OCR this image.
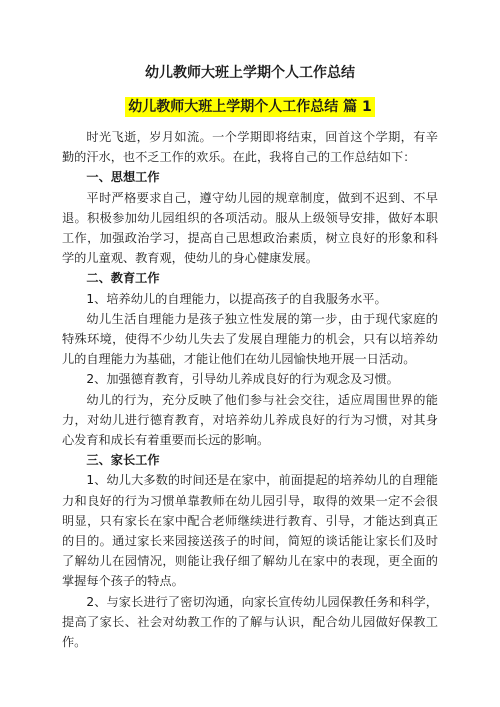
幼儿教师大班上学期个人工作总结
幼儿教师大班上学期个人工作总结 篇 1

时光飞逝，岁月如流。一个学期即将结束，回首这个学期，有辛勤的汗水，也不乏工作的欢乐。在此，我将自己的工作总结如下：

一、思想工作

平时严格要求自己，遵守幼儿园的规章制度，做到不迟到、不早退。积极参加幼儿园组织的各项活动。服从上级领导安排，做好本职工作，加强政治学习，提高自己思想政治素质，树立良好的形象和科学的儿童观、教育观，使幼儿的身心健康发展。

二、教育工作

1、培养幼儿的自理能力，以提高孩子的自我服务水平。

幼儿生活自理能力是孩子独立性发展的第一步，由于现代家庭的特殊环境，使得不少幼儿失去了发展自理能力的机会，只有以培养幼儿的自理能力为基础，才能让他们在幼儿园愉快地开展一日活动。

2、加强德育教育，引导幼儿养成良好的行为观念及习惯。

幼儿的行为，充分反映了他们参与社会交往，适应周围世界的能力，对幼儿进行德育教育，对培养幼儿养成良好的行为习惯，对其身心发育和成长有着重要而长远的影响。

三、家长工作

1、幼儿大多数的时间还是在家中，前面提起的培养幼儿的自理能力和良好的行为习惯单靠教师在幼儿园引导，取得的效果一定不会很明显，只有家长在家中配合老师继续进行教育、引导，才能达到真正的目的。通过家长来园接送孩子的时间，简短的谈话能让家长们及时了解幼儿在园情况，则能让我仔细了解幼儿在家中的表现，更全面的掌握每个孩子的特点。

2、与家长进行了密切沟通，向家长宣传幼儿园保教任务和科学，提高了家长、社会对幼教工作的了解与认识，配合幼儿园做好保教工作。
